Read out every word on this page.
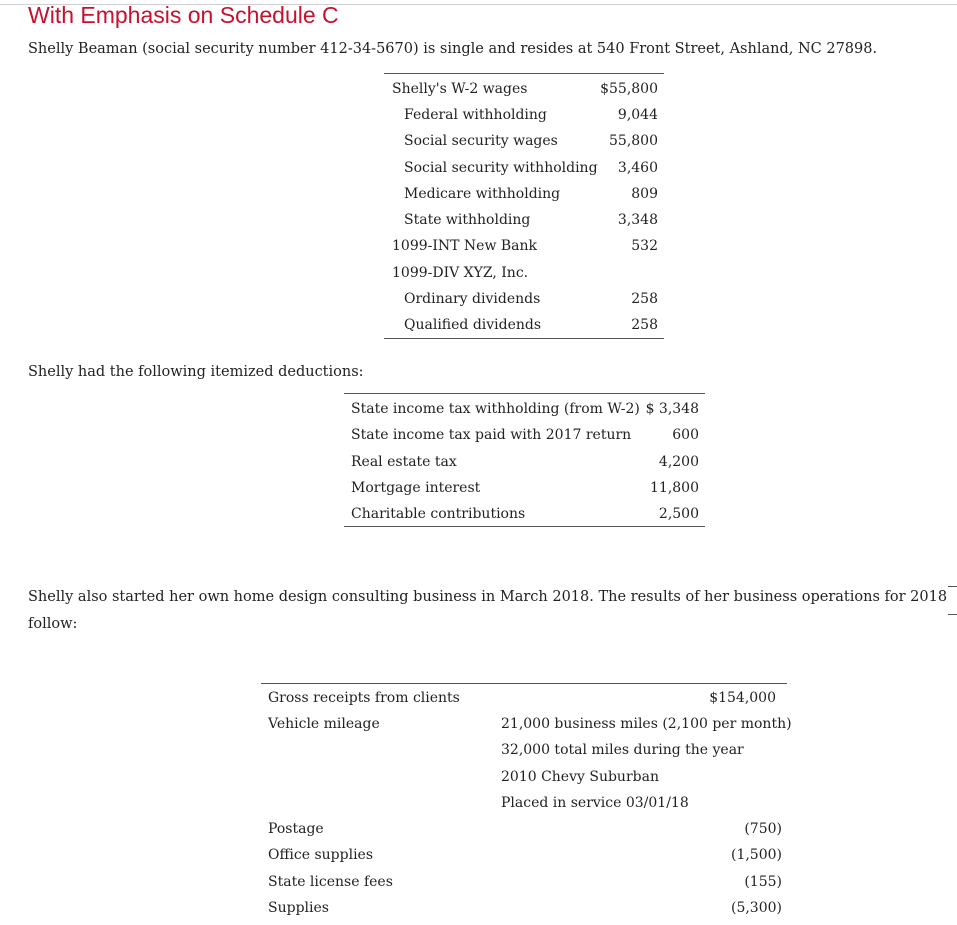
With Emphasis on Schedule C
Shelly Beaman (social security number 412-34-5670) is single and resides at 540 Front Street, Ashland, NC 27898.
Shelly's W-2 wages	$55,800
Federal withholding	9,044
Social security wages	55,800
Social security withholding 3,460
Medicare withholding	809
State withholding	3,348
1099-INT New Bank	532
1099-DIV XYZ, Inc.
Ordinary dividends	258
Qualified dividends	258
Shelly had the following itemized deductions:
State income tax withholding (from W-2) $ 3,348
State income tax paid with 2017 return	600
Real estate tax	4,200
Mortgage interest	11,800
Charitable contributions	2,500
Shelly also started her own home design consulting business in March 2018. The results of her business operations for 2018
follow:
Gross receipts from clients	$154,000
Vehicle mileage	21,000 business miles (2,100 per month)
32,000 total miles during the year
2010 Chevy Suburban
Placed in service 03/01/18
Postage	(750)
Office supplies	(1,500)
State license fees	(155)
Supplies	(5,300)
